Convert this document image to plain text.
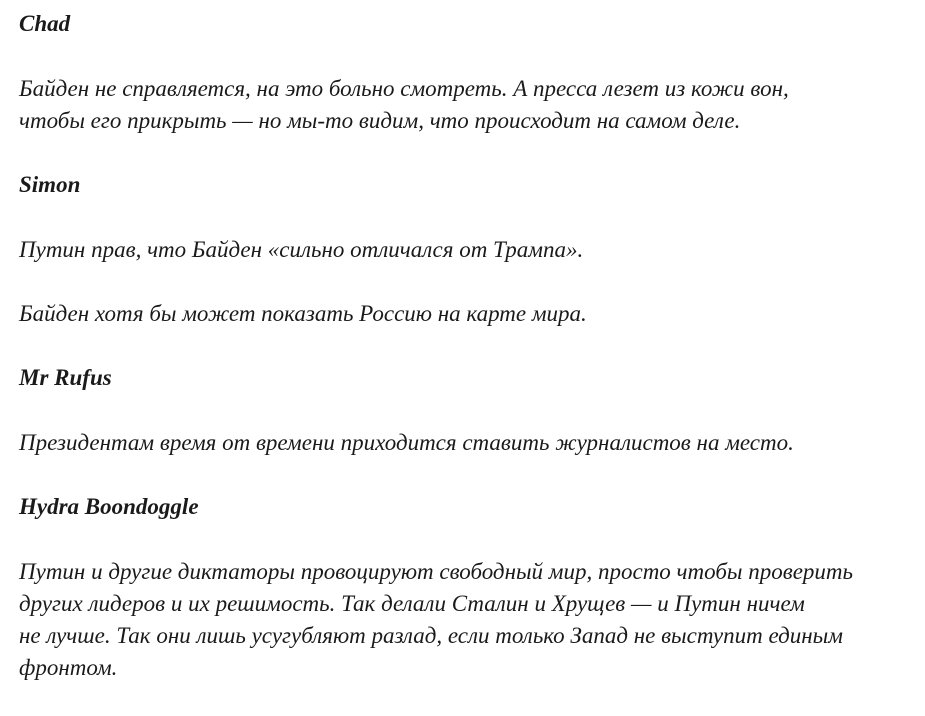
Chad

Байден не справляется, на это больно смотреть. А пресса лезет из кожи вон,
чтобы его прикрыть — но мы-то видим, что происходит на самом деле.

Simon

Путин прав, что Байден «сильно отличался от Трампа».

Байден хотя бы может показать Россию на карте мира.

Mr Rufus

Президентам время от времени приходится ставить журналистов на место.

Hydra Boondoggle

Путин и другие диктаторы провоцируют свободный мир, просто чтобы проверить
других лидеров и их решимость. Так делали Сталин и Хрущев — и Путин ничем
не лучше. Так они лишь усугубляют разлад, если только Запад не выступит единым
фронтом.
